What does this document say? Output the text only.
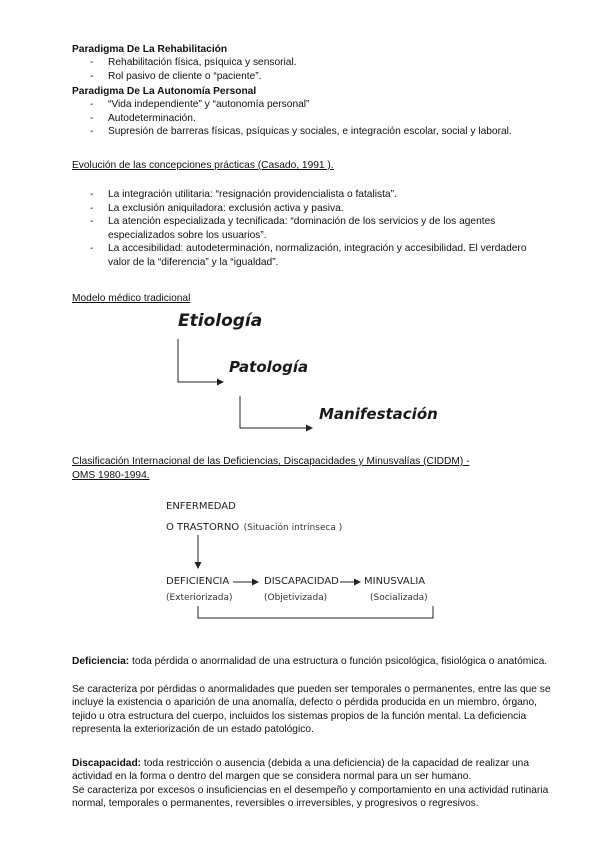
Paradigma De La Rehabilitación
- Rehabilitación física, psíquica y sensorial.
- Rol pasivo de cliente o “paciente”.
Paradigma De La Autonomía Personal
- “Vida independiente” y “autonomía personal”
- Autodeterminación.
- Supresión de barreras físicas, psíquicas y sociales, e integración escolar, social y laboral.
Evolución de las concepciones prácticas (Casado, 1991 ).
- La integración utilitaria: “resignación providencialista o fatalista”.
- La exclusión aniquiladora: exclusión activa y pasiva.
- La atención especializada y tecnificada: “dominación de los servicios y de los agentes especializados sobre los usuarios”.
- La accesibilidad: autodeterminación, normalización, integración y accesibilidad. El verdadero valor de la “diferencia” y la “igualdad”.
Modelo médico tradicional
Etiología
Patología
Manifestación
Clasificación Internacional de las Deficiencias, Discapacidades y Minusvalías (CIDDM) -
OMS 1980-1994.
ENFERMEDAD
O TRASTORNO (Situación intrínseca )
DEFICIENCIA	DISCAPACIDAD	MINUSVALIA
(Exteriorizada)	(Objetivizada)	(Socializada)

Deficiencia: toda pérdida o anormalidad de una estructura o función psicológica, fisiológica o anatómica.

Se caracteriza por pérdidas o anormalidades que pueden ser temporales o permanentes, entre las que se incluye la existencia o aparición de una anomalía, defecto o pérdida producida en un miembro, órgano, tejido u otra estructura del cuerpo, incluidos los sistemas propios de la función mental. La deficiencia representa la exteriorización de un estado patológico.

Discapacidad: toda restricción o ausencia (debida a una deficiencia) de la capacidad de realizar una actividad en la forma o dentro del margen que se considera normal para un ser humano.

Se caracteriza por excesos o insuficiencias en el desempeño y comportamiento en una actividad rutinaria normal, temporales o permanentes, reversibles o irreversibles, y progresivos o regresivos.
